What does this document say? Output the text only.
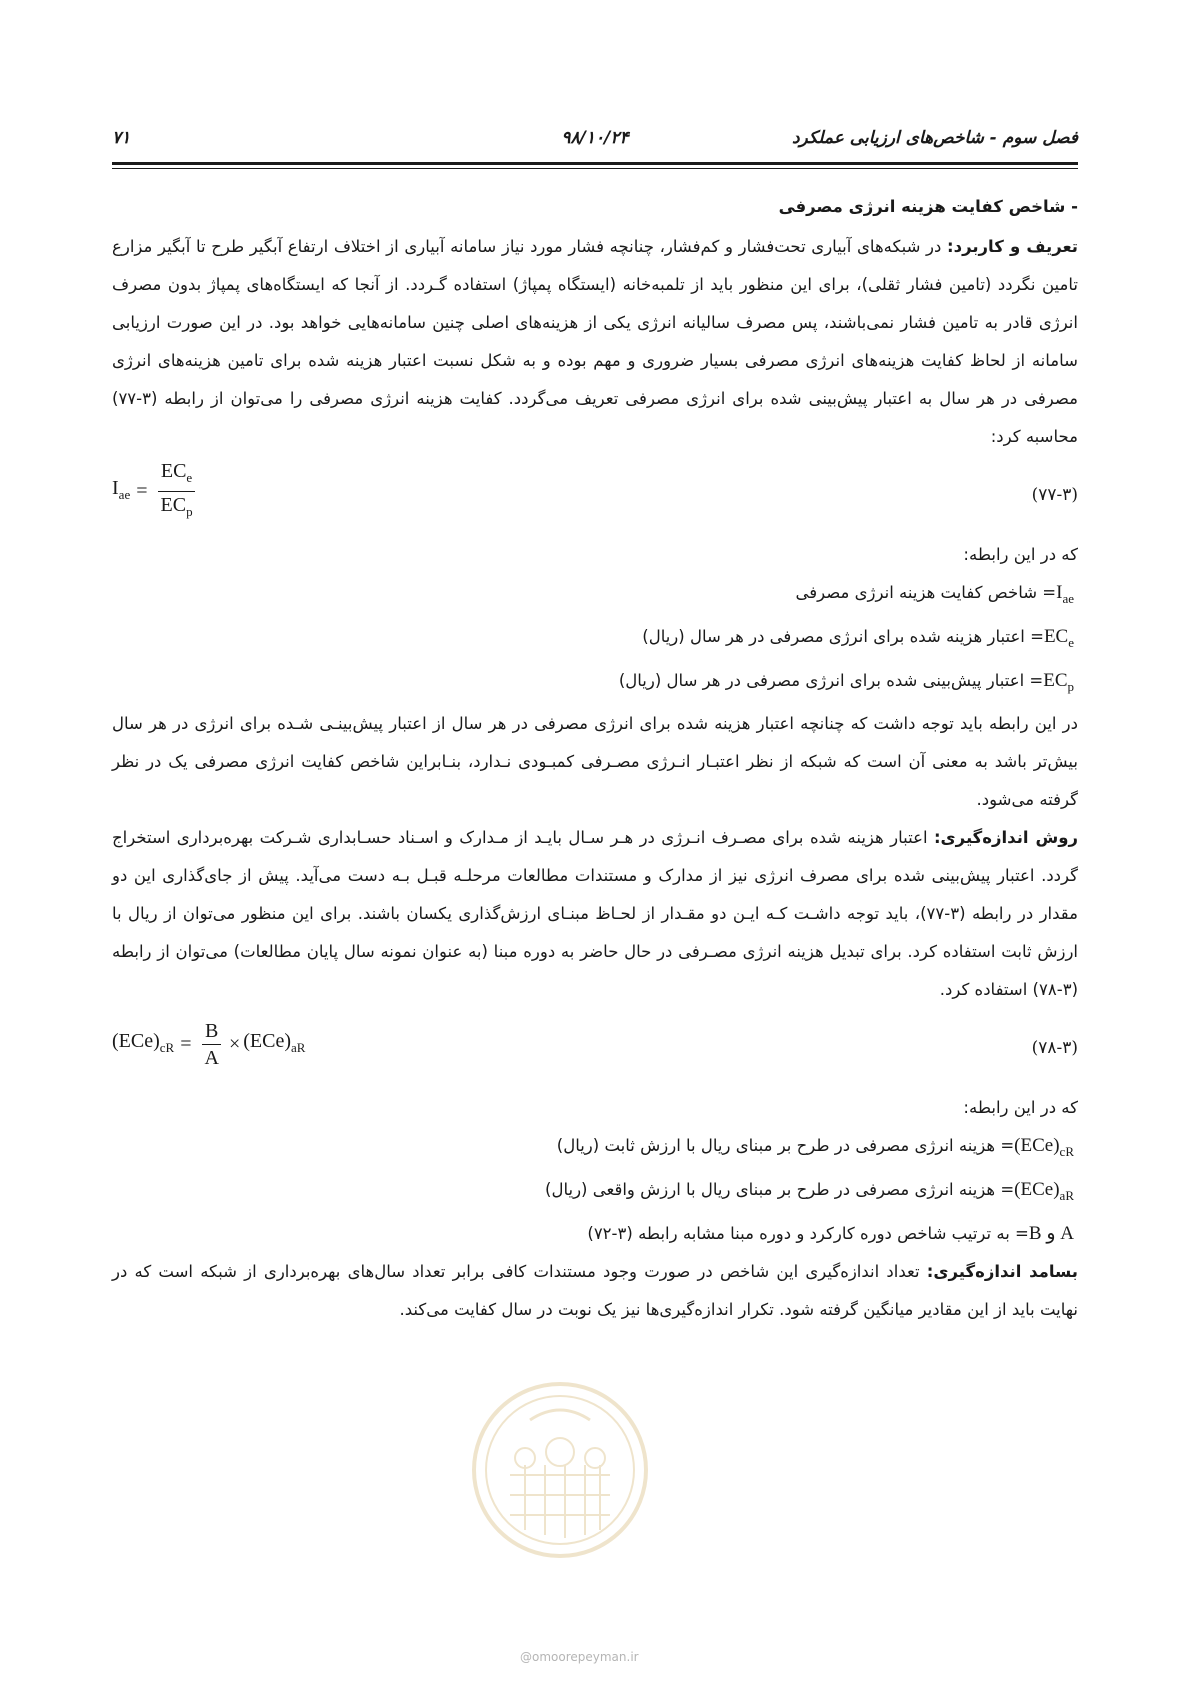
فصل سوم - شاخص‌های ارزیابی عملکرد
۹۸/۱۰/۲۴
۷۱
- شاخص کفایت هزینه انرژی مصرفی

تعریف و کاربرد: در شبکه‌های آبیاری تحت‌فشار و کم‌فشار، چنانچه فشار مورد نیاز سامانه آبیاری از اختلاف ارتفاع آبگیر طرح تا آبگیر مزارع تامین نگردد (تامین فشار ثقلی)، برای این منظور باید از تلمبه‌خانه (ایستگاه پمپاژ) استفاده گـردد. از آنجا که ایستگاه‌های پمپاژ بدون مصرف انرژی قادر به تامین فشار نمی‌باشند، پس مصرف سالیانه انرژی یکی از هزینه‌های اصلی چنین سامانه‌هایی خواهد بود. در این صورت ارزیابی سامانه از لحاظ کفایت هزینه‌های انرژی مصرفی بسیار ضروری و مهم بوده و به شکل نسبت اعتبار هزینه شده برای تامین هزینه‌های انرژی مصرفی در هر سال به اعتبار پیش‌بینی شده برای انرژی مصرفی تعریف می‌گردد. کفایت هزینه انرژی مصرفی را می‌توان از رابطه (۳-۷۷) محاسبه کرد:

$I_{ae} = \frac{EC_e}{EC_p}$	(۷۷-۳)

که در این رابطه:

$I_{ae}=$ شاخص کفایت هزینه انرژی مصرفی

$EC_e=$ اعتبار هزینه شده برای انرژی مصرفی در هر سال (ریال)

$EC_p=$ اعتبار پیش‌بینی شده برای انرژی مصرفی در هر سال (ریال)

در این رابطه باید توجه داشت که چنانچه اعتبار هزینه شده برای انرژی مصرفی در هر سال از اعتبار پیش‌بینـی شـده برای انرژی در هر سال بیش‌تر باشد به معنی آن است که شبکه از نظر اعتبـار انـرژی مصـرفی کمبـودی نـدارد، بنـابراین شاخص کفایت انرژی مصرفی یک در نظر گرفته می‌شود.

روش اندازه‌گیری: اعتبار هزینه شده برای مصـرف انـرژی در هـر سـال بایـد از مـدارک و اسـناد حسـابداری شـرکت بهره‌برداری استخراج گردد. اعتبار پیش‌بینی شده برای مصرف انرژی نیز از مدارک و مستندات مطالعات مرحلـه قبـل بـه دست می‌آید. پیش از جای‌گذاری این دو مقدار در رابطه (۳-۷۷)، باید توجه داشـت کـه ایـن دو مقـدار از لحـاظ مبنـای ارزش‌گذاری یکسان باشند. برای این منظور می‌توان از ریال با ارزش ثابت استفاده کرد. برای تبدیل هزینه انرژی مصـرفی در حال حاضر به دوره مبنا (به عنوان نمونه سال پایان مطالعات) می‌توان از رابطه (۳-۷۸) استفاده کرد.

$(ECe)_{cR} = \frac{B}{A} \times (ECe)_{aR}$	(۷۸-۳)

که در این رابطه:

$(ECe)_{cR}=$ هزینه انرژی مصرفی در طرح بر مبنای ریال با ارزش ثابت (ریال)

$(ECe)_{aR}=$ هزینه انرژی مصرفی در طرح بر مبنای ریال با ارزش واقعی (ریال)

A و B= به ترتیب شاخص دوره کارکرد و دوره مبنا مشابه رابطه (۳-۷۲)

بسامد اندازه‌گیری: تعداد اندازه‌گیری این شاخص در صورت وجود مستندات کافی برابر تعداد سال‌های بهره‌برداری از شبکه است که در نهایت باید از این مقادیر میانگین گرفته شود. تکرار اندازه‌گیری‌ها نیز یک نوبت در سال کفایت می‌کند.

@omoorepeyman.ir
